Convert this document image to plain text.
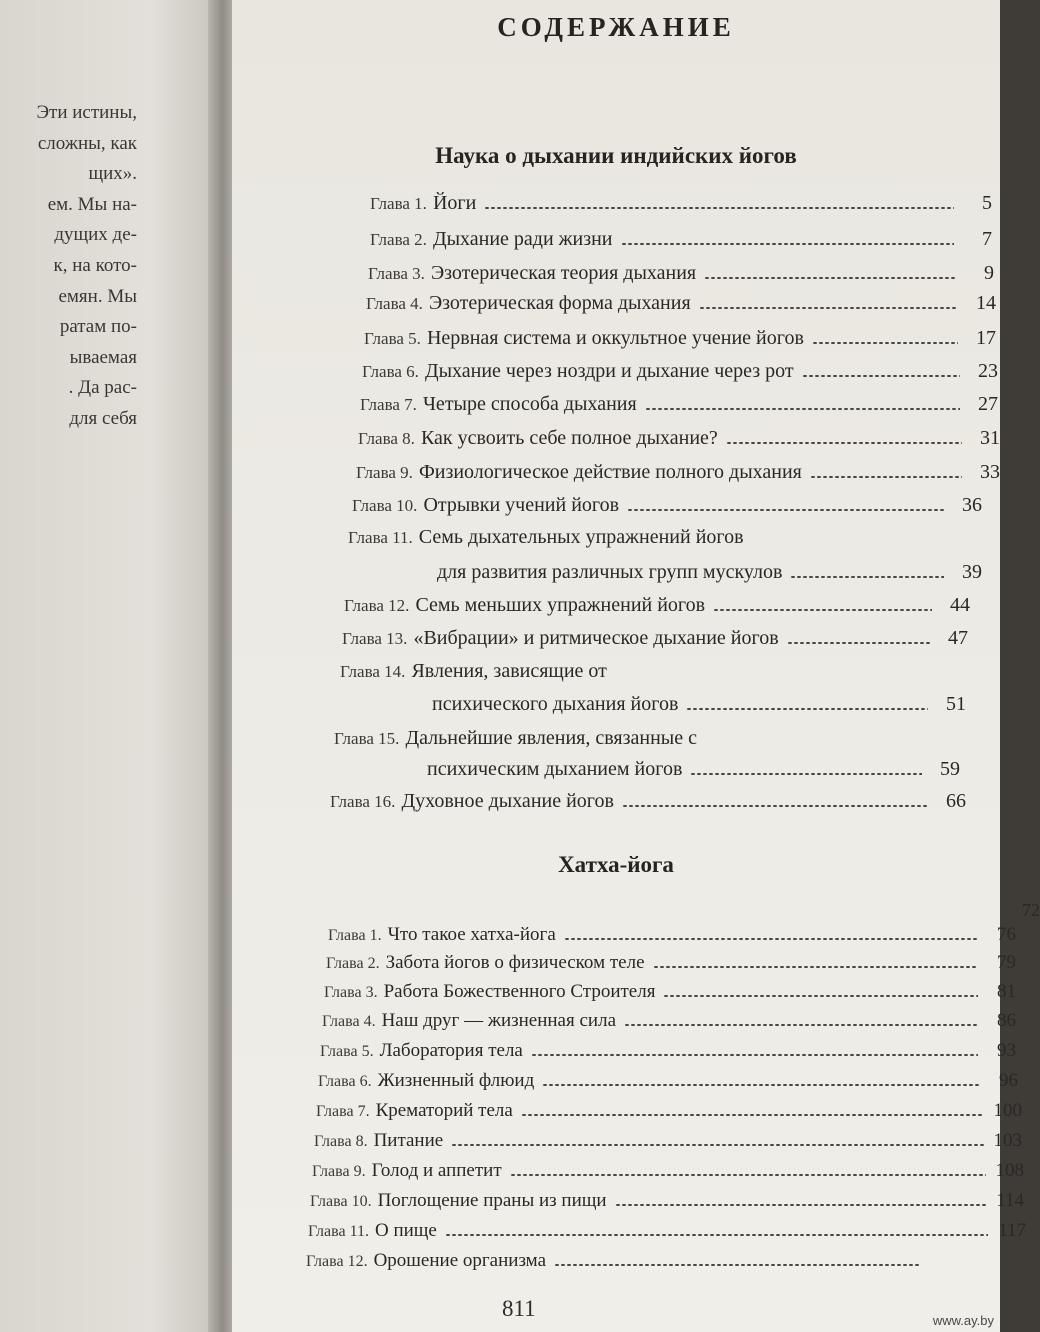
Эти истины,
сложны, как
щих».
ем. Мы на-
дущих де-
к, на кото-
емян. Мы
ратам по-
ываемая
. Да рас-
для себя
СОДЕРЖАНИЕ
Наука о дыхании индийских йогов
Хатха-йога
Глава 1. Йоги	5
Глава 2. Дыхание ради жизни	7
Глава 3. Эзотерическая теория дыхания	9
Глава 4. Эзотерическая форма дыхания	14
Глава 5. Нервная система и оккультное учение йогов	17
Глава 6. Дыхание через ноздри и дыхание через рот	23
Глава 7. Четыре способа дыхания	27
Глава 8. Как усвоить себе полное дыхание?	31
Глава 9. Физиологическое действие полного дыхания	33
Глава 10. Отрывки учений йогов	36
Глава 11. Семь дыхательных упражнений йогов
для развития различных групп мускулов	39
Глава 12. Семь меньших упражнений йогов	44
Глава 13. «Вибрации» и ритмическое дыхание йогов	47
Глава 14. Явления, зависящие от
психического дыхания йогов	51
Глава 15. Дальнейшие явления, связанные с
психическим дыханием йогов	59
Глава 16. Духовное дыхание йогов	66
72
Глава 1. Что такое хатха-йога	76
Глава 2. Забота йогов о физическом теле	79
Глава 3. Работа Божественного Строителя	81
Глава 4. Наш друг — жизненная сила	86
Глава 5. Лаборатория тела	93
Глава 6. Жизненный флюид	96
Глава 7. Крематорий тела	100
Глава 8. Питание	103
Глава 9. Голод и аппетит	108
Глава 10. Поглощение праны из пищи	114
Глава 11. О пище	117
Глава 12. Орошение организма
811	www.ay.by
